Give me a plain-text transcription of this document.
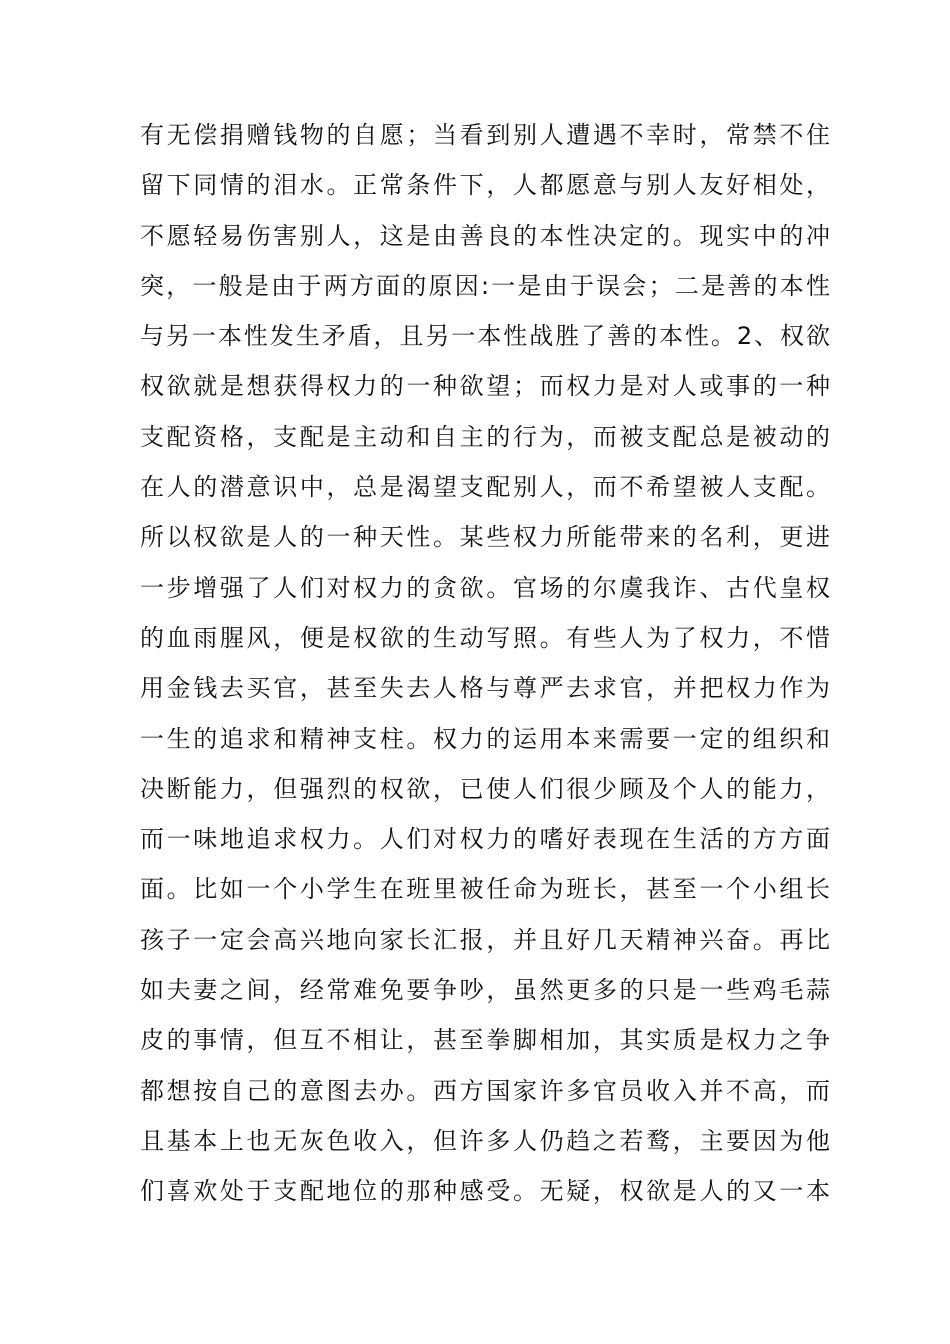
有无偿捐赠钱物的自愿；当看到别人遭遇不幸时，常禁不住
留下同情的泪水。正常条件下，人都愿意与别人友好相处，
不愿轻易伤害别人，这是由善良的本性决定的。现实中的冲
突，一般是由于两方面的原因:一是由于误会；二是善的本性
与另一本性发生矛盾，且另一本性战胜了善的本性。2、权欲
权欲就是想获得权力的一种欲望；而权力是对人或事的一种
支配资格，支配是主动和自主的行为，而被支配总是被动的
在人的潜意识中，总是渴望支配别人，而不希望被人支配。
所以权欲是人的一种天性。某些权力所能带来的名利，更进
一步增强了人们对权力的贪欲。官场的尔虞我诈、古代皇权
的血雨腥风，便是权欲的生动写照。有些人为了权力，不惜
用金钱去买官，甚至失去人格与尊严去求官，并把权力作为
一生的追求和精神支柱。权力的运用本来需要一定的组织和
决断能力，但强烈的权欲，已使人们很少顾及个人的能力，
而一味地追求权力。人们对权力的嗜好表现在生活的方方面
面。比如一个小学生在班里被任命为班长，甚至一个小组长
孩子一定会高兴地向家长汇报，并且好几天精神兴奋。再比
如夫妻之间，经常难免要争吵，虽然更多的只是一些鸡毛蒜
皮的事情，但互不相让，甚至拳脚相加，其实质是权力之争
都想按自己的意图去办。西方国家许多官员收入并不高，而
且基本上也无灰色收入，但许多人仍趋之若鹜，主要因为他
们喜欢处于支配地位的那种感受。无疑，权欲是人的又一本
